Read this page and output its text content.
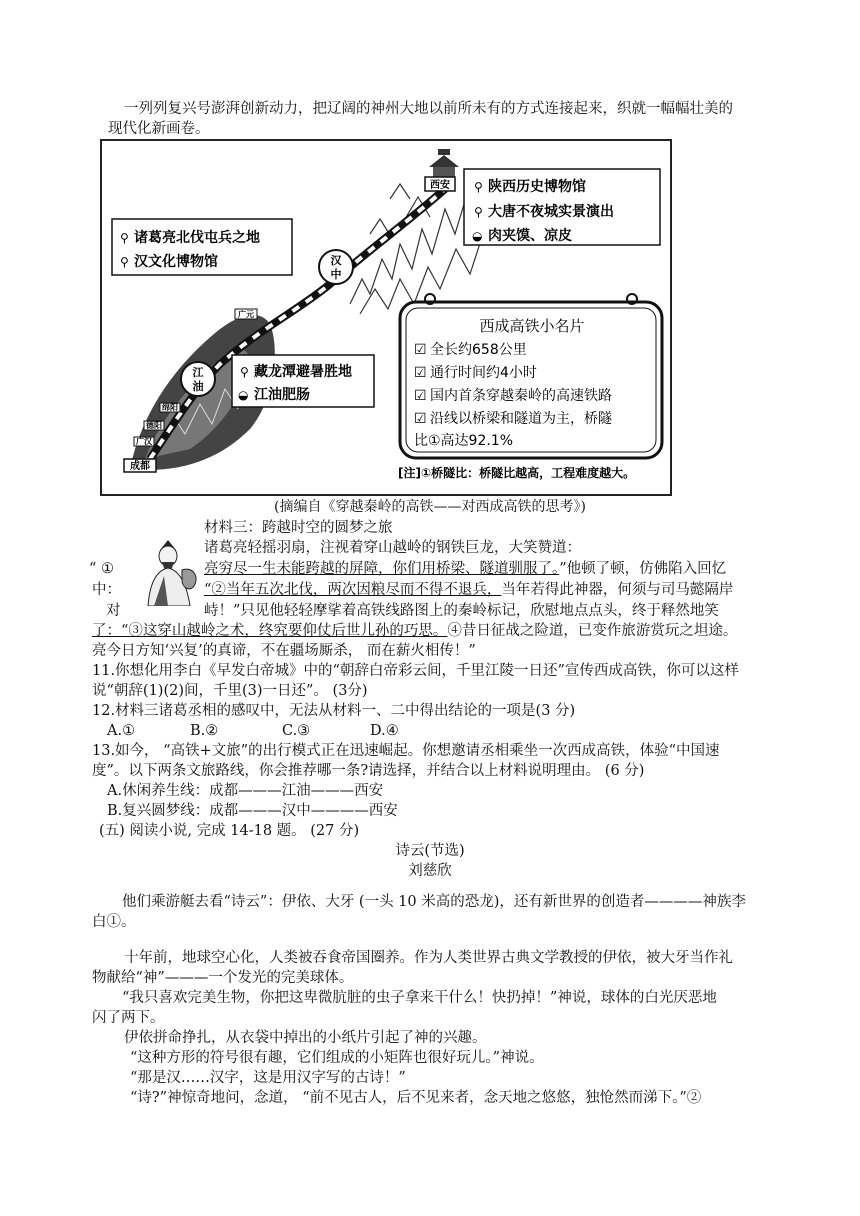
一列列复兴号澎湃创新动力，把辽阔的神州大地以前所未有的方式连接起来，织就一幅幅壮美的
现代化新画卷。
西安
汉
中
江
油
广元
绵阳
德阳
广汉
成都
⚲ 陕西历史博物馆
⚲ 大唐不夜城实景演出
◒ 肉夹馍、凉皮
⚲ 诸葛亮北伐屯兵之地
⚲ 汉文化博物馆
⚲ 藏龙潭避暑胜地
◒ 江油肥肠
西成高铁小名片
☑ 全长约658公里
☑ 通行时间约4小时
☑ 国内首条穿越秦岭的高速铁路
☑ 沿线以桥梁和隧道为主，桥隧
比①高达92.1%
[注]①桥隧比：桥隧比越高，工程难度越大。
(摘编自《穿越秦岭的高铁——对西成高铁的思考》)
材料三：跨越时空的圆梦之旅
诸葛亮轻摇羽扇，注视着穿山越岭的钢铁巨龙，大笑赞道：
“ ①	亮穷尽一生未能跨越的屏障，你们用桥梁、隧道驯服了。”他顿了顿，仿佛陷入回忆
中：	“②当年五次北伐，两次因粮尽而不得不退兵，当年若得此神器，何须与司马懿隔岸
对	峙！”只见他轻轻摩挲着高铁线路图上的秦岭标记，欣慰地点点头，终于释然地笑
了：“③这穿山越岭之术，终究要仰仗后世儿孙的巧思。④昔日征战之险道，已变作旅游赏玩之坦途。
亮今日方知‘兴复’的真谛，不在疆场厮杀， 而在薪火相传！”
11.你想化用李白《早发白帝城》中的“朝辞白帝彩云间，千里江陵一日还”宣传西成高铁，你可以这样
说“朝辞(1)(2)间，千里(3)一日还”。 (3分)
12.材料三诸葛丞相的感叹中，无法从材料一、二中得出结论的一项是(3 分)
A.①	B.②	C.③	D.④
13.如今， “高铁+文旅”的出行模式正在迅速崛起。你想邀请丞相乘坐一次西成高铁，体验“中国速
度”。以下两条文旅路线，你会推荐哪一条?请选择，并结合以上材料说明理由。 (6 分)
A.休闲养生线：成都———江油———西安
B.复兴圆梦线：成都———汉中————西安
(五) 阅读小说, 完成 14-18 题。 (27 分)
诗云(节选)
刘慈欣
他们乘游艇去看“诗云”：伊依、大牙 (一头 10 米高的恐龙)，还有新世界的创造者————神族李
白①。
十年前，地球空心化，人类被吞食帝国圈养。作为人类世界古典文学教授的伊依，被大牙当作礼
物献给“神”———一个发光的完美球体。
“我只喜欢完美生物，你把这卑微肮脏的虫子拿来干什么！快扔掉！”神说，球体的白光厌恶地
闪了两下。
伊依拼命挣扎，从衣袋中掉出的小纸片引起了神的兴趣。
“这种方形的符号很有趣，它们组成的小矩阵也很好玩儿。”神说。
“那是汉……汉字，这是用汉字写的古诗！”
“诗?”神惊奇地问，念道， “前不见古人，后不见来者，念天地之悠悠，独怆然而涕下。”②
